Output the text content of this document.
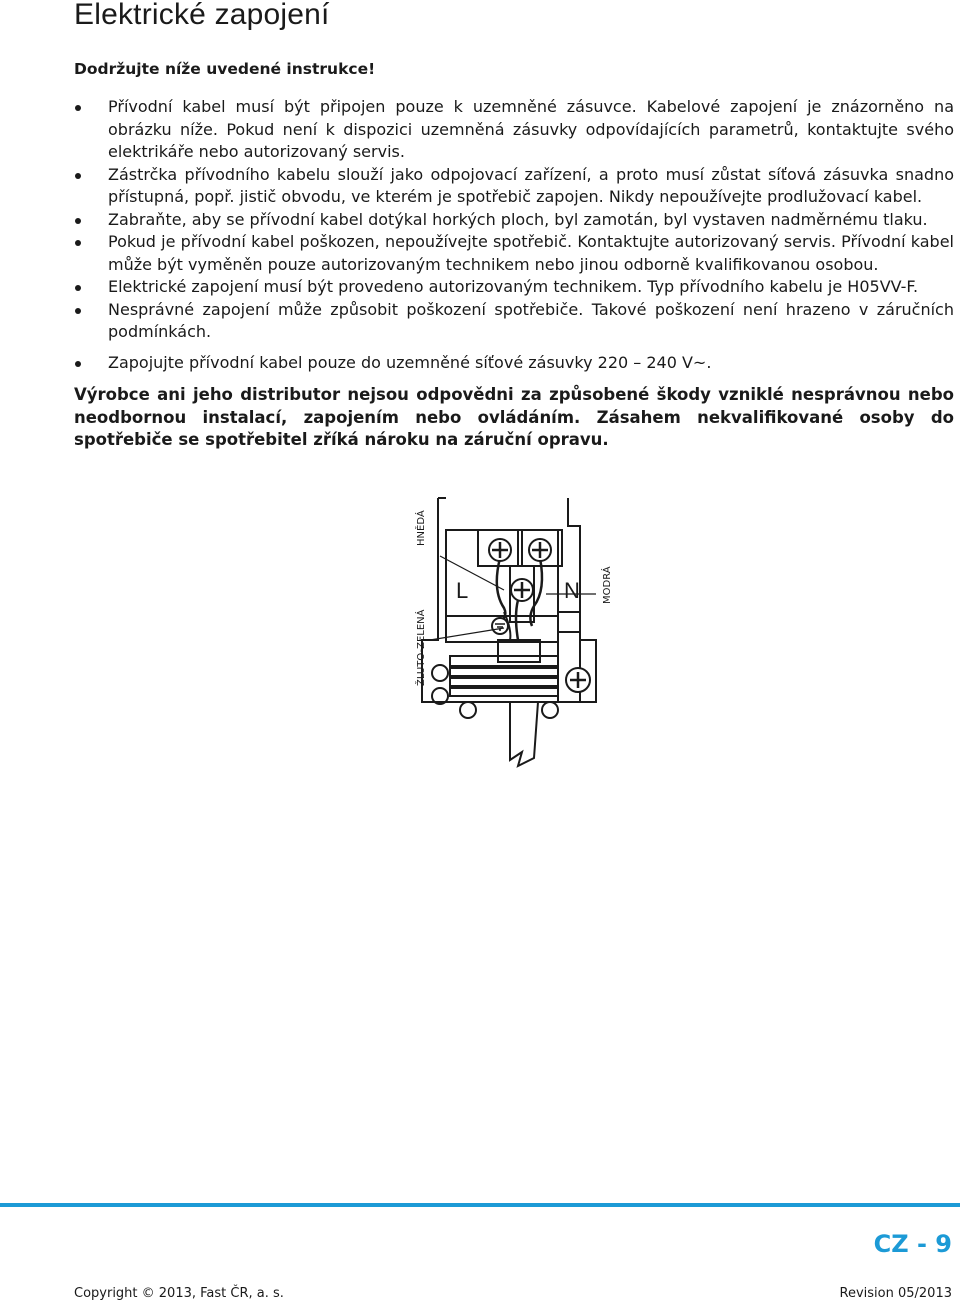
Elektrické zapojení
Dodržujte níže uvedené instrukce!
Přívodní kabel musí být připojen pouze k uzemněné zásuvce. Kabelové zapojení je znázorněno na obrázku níže. Pokud není k dispozici uzemněná zásuvky odpovídajících parametrů, kontaktujte svého elektrikáře nebo autorizovaný servis.
Zástrčka přívodního kabelu slouží jako odpojovací zařízení, a proto musí zůstat síťová zásuvka snadno přístupná, popř. jistič obvodu, ve kterém je spotřebič zapojen. Nikdy nepoužívejte prodlužovací kabel.
Zabraňte, aby se přívodní kabel dotýkal horkých ploch, byl zamotán, byl vystaven nadměrnému tlaku.
Pokud je přívodní kabel poškozen, nepoužívejte spotřebič. Kontaktujte autorizovaný servis. Přívodní kabel může být vyměněn pouze autorizovaným technikem nebo jinou odborně kvalifikovanou osobou.
Elektrické zapojení musí být provedeno autorizovaným technikem. Typ přívodního kabelu je H05VV-F.
Nesprávné zapojení může způsobit poškození spotřebiče. Takové poškození není hrazeno v záručních podmínkách.
Zapojujte přívodní kabel pouze do uzemněné síťové zásuvky 220 – 240 V~.

Výrobce ani jeho distributor nejsou odpovědni za způsobené škody vzniklé nesprávnou nebo neodbornou instalací, zapojením nebo ovládáním. Zásahem nekvalifikované osoby do spotřebiče se spotřebitel zříká nároku na záruční opravu.

L	N
HNĚDÁ
MODRÁ
ŽLUTO-ZELENÁ
CZ - 9
Copyright © 2013, Fast ČR, a. s.	Revision 05/2013
